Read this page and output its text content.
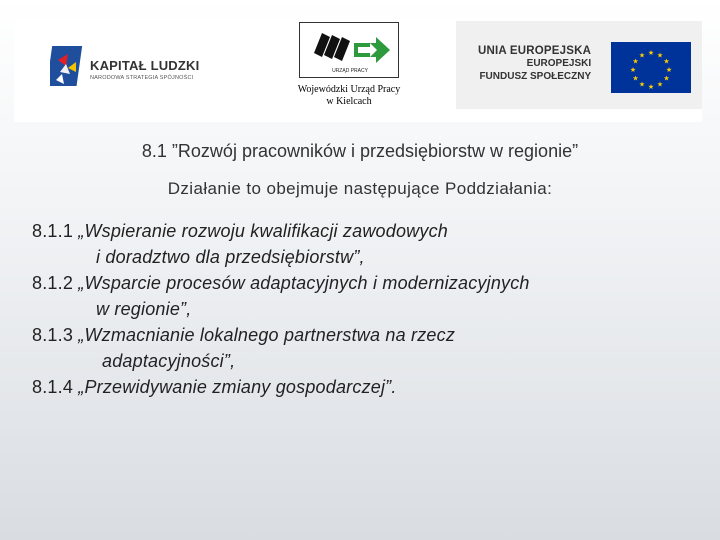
KAPITAŁ LUDZKI
NARODOWA STRATEGIA SPÓJNOŚCI
URZĄD PRACY
Wojewódzki Urząd Pracy
w Kielcach
UNIA EUROPEJSKA
EUROPEJSKI
FUNDUSZ SPOŁECZNY
★ ★
★
★
★
★
★
★
★
★
★
★
8.1 ”Rozwój pracowników i przedsiębiorstw w regionie”
Działanie to obejmuje następujące Poddziałania:
8.1.1 „Wspieranie rozwoju kwalifikacji zawodowych
i doradztwo dla przedsiębiorstw”,
8.1.2 „Wsparcie procesów adaptacyjnych i modernizacyjnych
w regionie”,
8.1.3 „Wzmacnianie lokalnego partnerstwa na rzecz
adaptacyjności”,
8.1.4 „Przewidywanie zmiany gospodarczej”.
